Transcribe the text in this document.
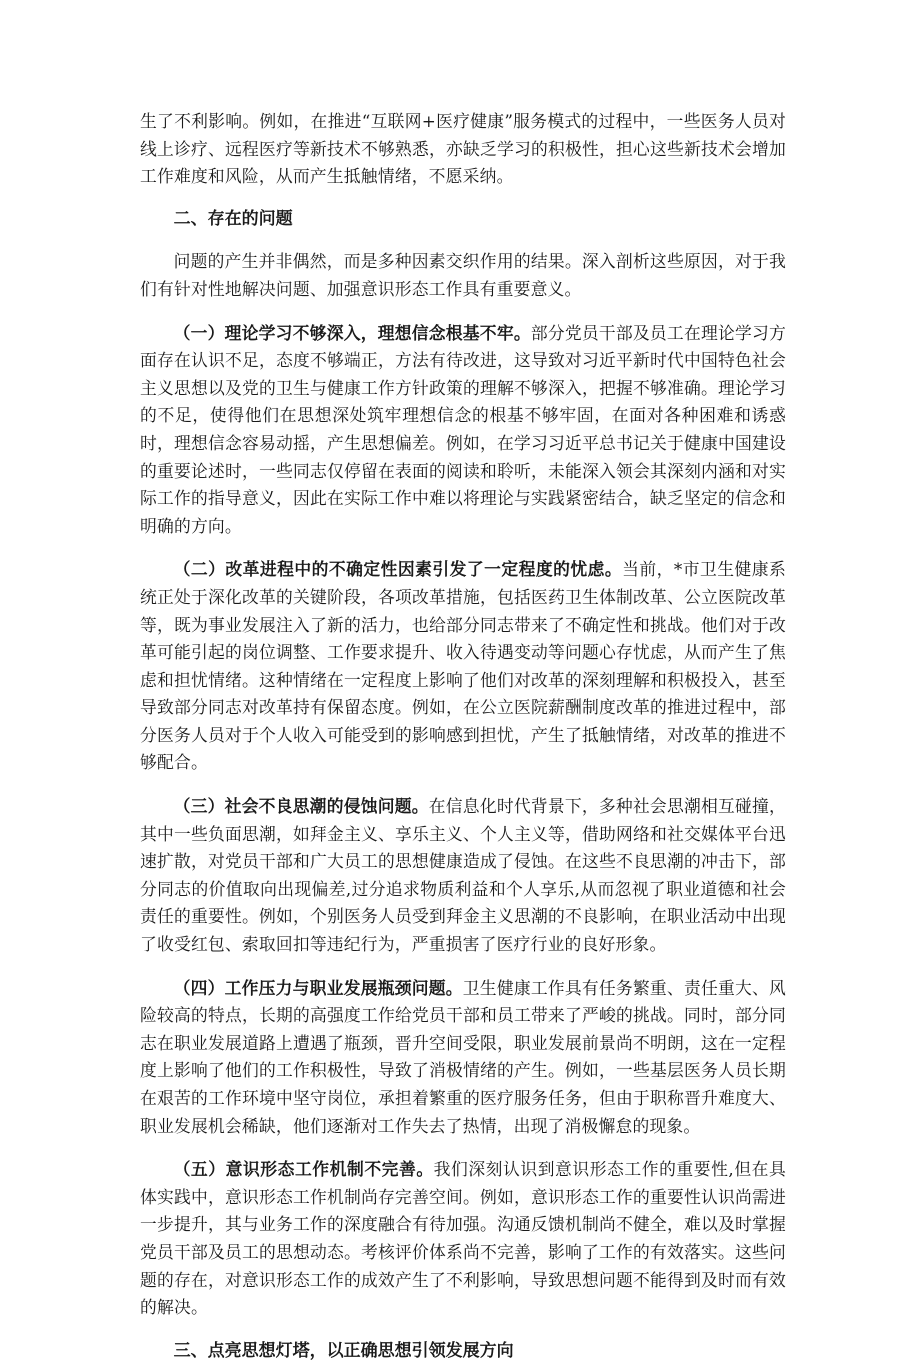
生了不利影响。例如，在推进“互联网+医疗健康”服务模式的过程中，一些医务人员对线上诊疗、远程医疗等新技术不够熟悉，亦缺乏学习的积极性，担心这些新技术会增加工作难度和风险，从而产生抵触情绪，不愿采纳。

二、存在的问题

问题的产生并非偶然，而是多种因素交织作用的结果。深入剖析这些原因，对于我们有针对性地解决问题、加强意识形态工作具有重要意义。

（一）理论学习不够深入，理想信念根基不牢。部分党员干部及员工在理论学习方面存在认识不足，态度不够端正，方法有待改进，这导致对习近平新时代中国特色社会主义思想以及党的卫生与健康工作方针政策的理解不够深入，把握不够准确。理论学习的不足，使得他们在思想深处筑牢理想信念的根基不够牢固，在面对各种困难和诱惑时，理想信念容易动摇，产生思想偏差。例如，在学习习近平总书记关于健康中国建设的重要论述时，一些同志仅停留在表面的阅读和聆听，未能深入领会其深刻内涵和对实际工作的指导意义，因此在实际工作中难以将理论与实践紧密结合，缺乏坚定的信念和明确的方向。

（二）改革进程中的不确定性因素引发了一定程度的忧虑。当前，*市卫生健康系统正处于深化改革的关键阶段，各项改革措施，包括医药卫生体制改革、公立医院改革等，既为事业发展注入了新的活力，也给部分同志带来了不确定性和挑战。他们对于改革可能引起的岗位调整、工作要求提升、收入待遇变动等问题心存忧虑，从而产生了焦虑和担忧情绪。这种情绪在一定程度上影响了他们对改革的深刻理解和积极投入，甚至导致部分同志对改革持有保留态度。例如，在公立医院薪酬制度改革的推进过程中，部分医务人员对于个人收入可能受到的影响感到担忧，产生了抵触情绪，对改革的推进不够配合。

（三）社会不良思潮的侵蚀问题。在信息化时代背景下，多种社会思潮相互碰撞，其中一些负面思潮，如拜金主义、享乐主义、个人主义等，借助网络和社交媒体平台迅速扩散，对党员干部和广大员工的思想健康造成了侵蚀。在这些不良思潮的冲击下，部分同志的价值取向出现偏差,过分追求物质利益和个人享乐,从而忽视了职业道德和社会责任的重要性。例如，个别医务人员受到拜金主义思潮的不良影响，在职业活动中出现了收受红包、索取回扣等违纪行为，严重损害了医疗行业的良好形象。

（四）工作压力与职业发展瓶颈问题。卫生健康工作具有任务繁重、责任重大、风险较高的特点，长期的高强度工作给党员干部和员工带来了严峻的挑战。同时，部分同志在职业发展道路上遭遇了瓶颈，晋升空间受限，职业发展前景尚不明朗，这在一定程度上影响了他们的工作积极性，导致了消极情绪的产生。例如，一些基层医务人员长期在艰苦的工作环境中坚守岗位，承担着繁重的医疗服务任务，但由于职称晋升难度大、职业发展机会稀缺，他们逐渐对工作失去了热情，出现了消极懈怠的现象。

（五）意识形态工作机制不完善。我们深刻认识到意识形态工作的重要性,但在具体实践中，意识形态工作机制尚存完善空间。例如，意识形态工作的重要性认识尚需进一步提升，其与业务工作的深度融合有待加强。沟通反馈机制尚不健全，难以及时掌握党员干部及员工的思想动态。考核评价体系尚不完善，影响了工作的有效落实。这些问题的存在，对意识形态工作的成效产生了不利影响，导致思想问题不能得到及时而有效的解决。

三、点亮思想灯塔，以正确思想引领发展方向
